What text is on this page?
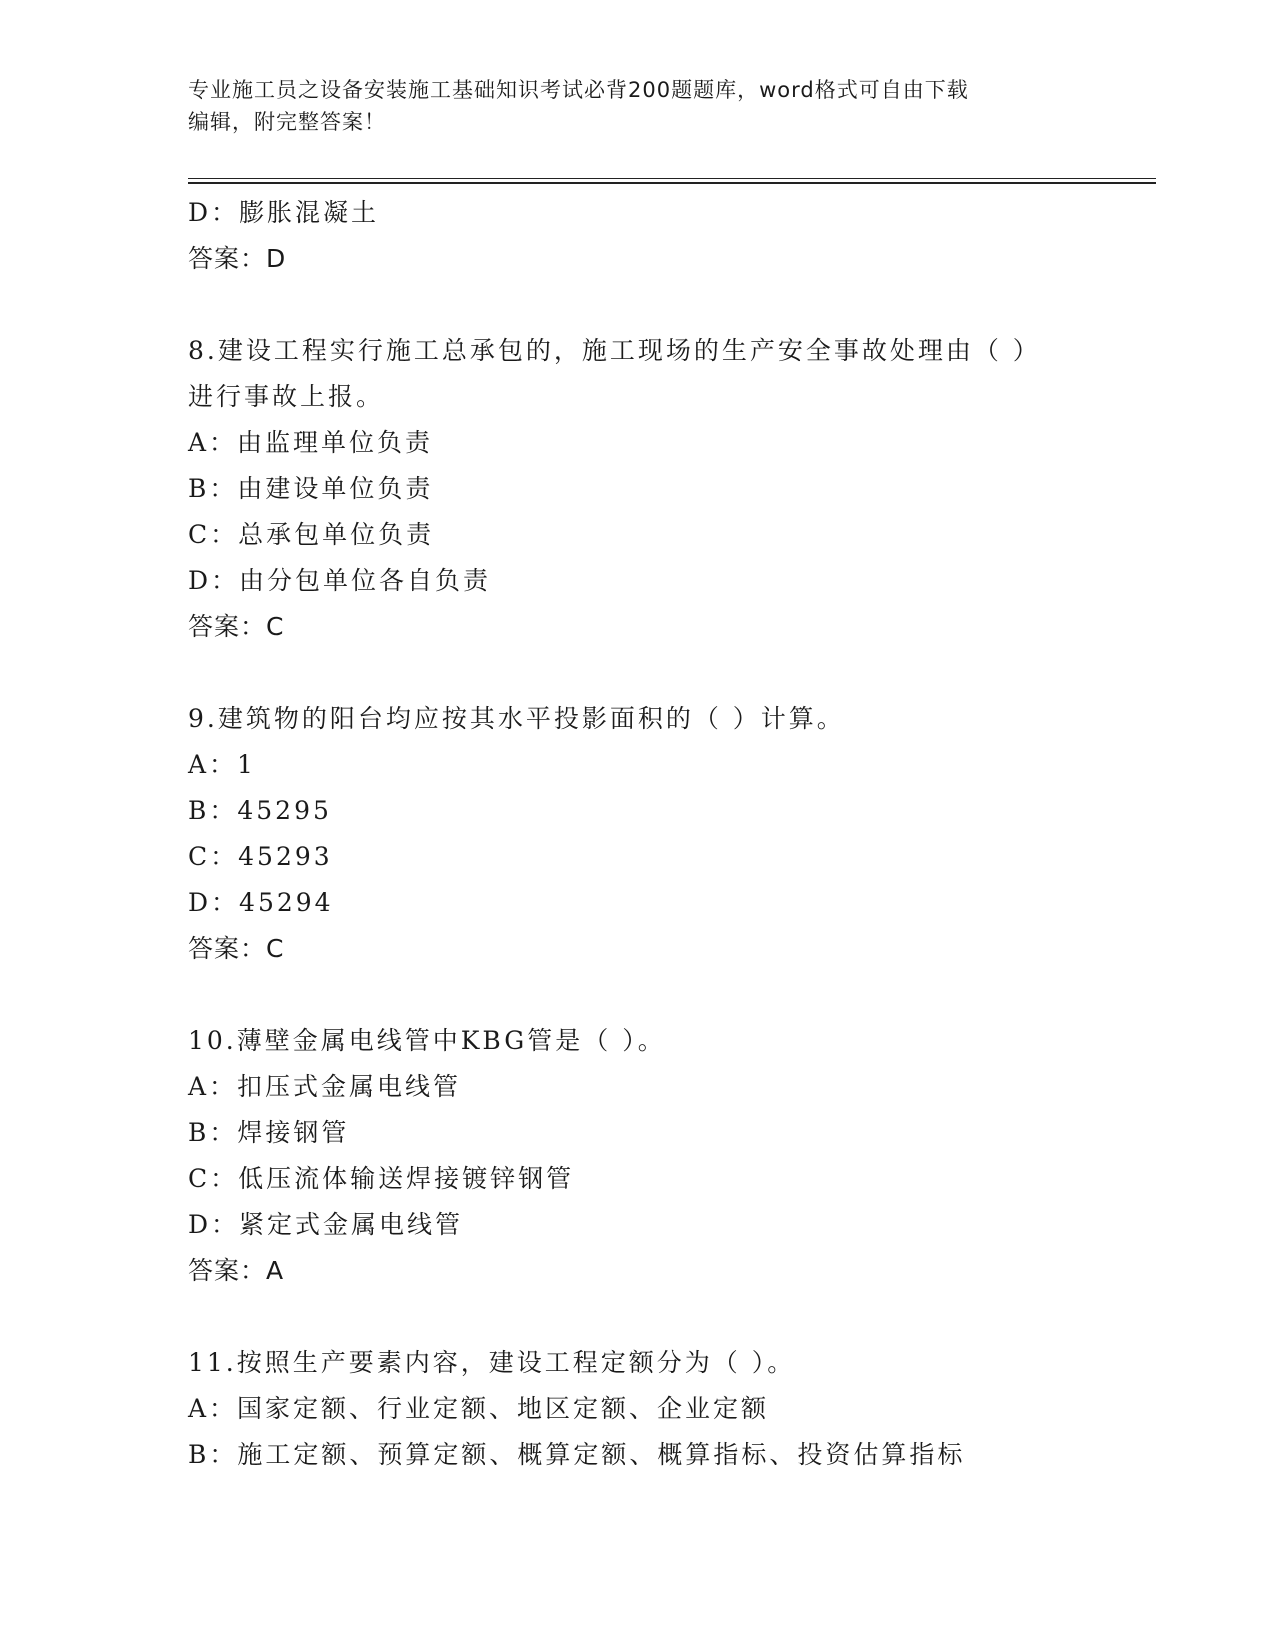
专业施工员之设备安装施工基础知识考试必背200题题库，word格式可自由下载
编辑，附完整答案！
D：膨胀混凝土
答案：D
8.建设工程实行施工总承包的，施工现场的生产安全事故处理由（ ）
进行事故上报。
A：由监理单位负责
B：由建设单位负责
C：总承包单位负责
D：由分包单位各自负责
答案：C
9.建筑物的阳台均应按其水平投影面积的（ ）计算。
A：1
B：45295
C：45293
D：45294
答案：C
10.薄壁金属电线管中KBG管是（ ）。
A：扣压式金属电线管
B：焊接钢管
C：低压流体输送焊接镀锌钢管
D：紧定式金属电线管
答案：A
11.按照生产要素内容，建设工程定额分为（ ）。
A：国家定额、行业定额、地区定额、企业定额
B：施工定额、预算定额、概算定额、概算指标、投资估算指标
